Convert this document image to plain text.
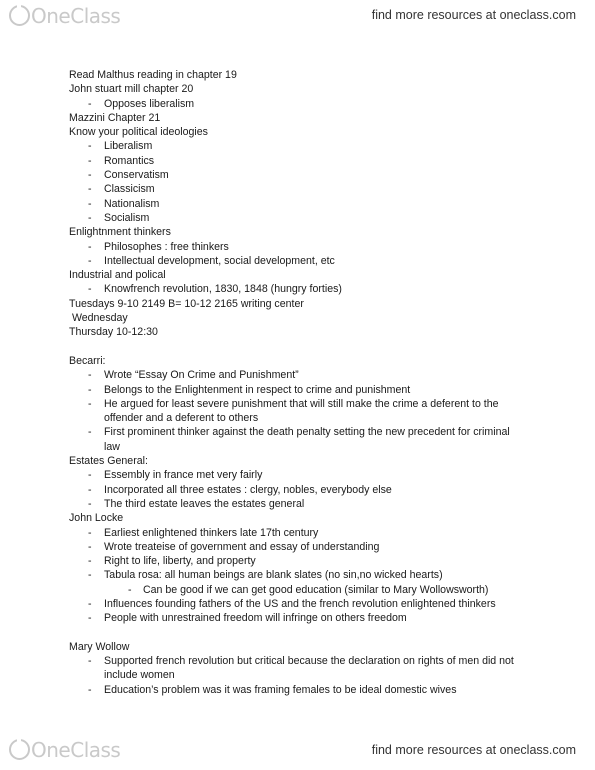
OneClass	find more resources at oneclass.com
Read Malthus reading in chapter 19
John stuart mill chapter 20
- Opposes liberalism
Mazzini Chapter 21
Know your political ideologies
- Liberalism
- Romantics
- Conservatism
- Classicism
- Nationalism
- Socialism
Enlightnment thinkers
- Philosophes : free thinkers
- Intellectual development, social development, etc
Industrial and polical
- Knowfrench revolution, 1830, 1848 (hungry forties)
Tuesdays 9-10 2149 B= 10-12 2165 writing center
Wednesday
Thursday 10-12:30
Becarri:
- Wrote “Essay On Crime and Punishment”
- Belongs to the Enlightenment in respect to crime and punishment
- He argued for least severe punishment that will still make the crime a deferent to the
offender and a deferent to others
- First prominent thinker against the death penalty setting the new precedent for criminal
law
Estates General:
- Essembly in france met very fairly
- Incorporated all three estates : clergy, nobles, everybody else
- The third estate leaves the estates general
John Locke
- Earliest enlightened thinkers late 17th century
- Wrote treateise of government and essay of understanding
- Right to life, liberty, and property
- Tabula rosa: all human beings are blank slates (no sin,no wicked hearts)
- Can be good if we can get good education (similar to Mary Wollowsworth)
- Influences founding fathers of the US and the french revolution enlightened thinkers
- People with unrestrained freedom will infringe on others freedom
Mary Wollow
- Supported french revolution but critical because the declaration on rights of men did not
include women
- Education’s problem was it was framing females to be ideal domestic wives
OneClass	find more resources at oneclass.com
